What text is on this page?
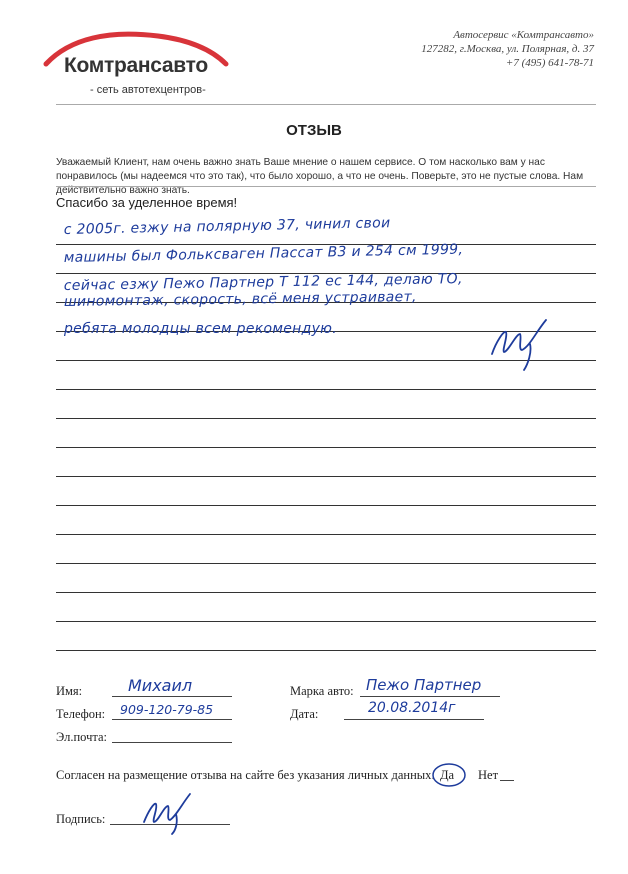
Комтрансавто
- сеть автотехцентров-
Автосервис «Комтрансавто»
127282, г.Москва, ул. Полярная, д. 37
+7 (495) 641-78-71
ОТЗЫВ
Уважаемый Клиент, нам очень важно знать Ваше мнение о нашем сервисе. О том насколько вам у нас понравилось (мы надеемся что это так), что было хорошо, а что не очень. Поверьте, это не пустые слова. Нам действительно важно знать.
Спасибо за уделенное время!
с 2005г. езжу на полярную 37, чинил свои
машины был Фольксваген Пассат В3 и 254 см 1999,
сейчас езжу Пежо Партнер Т 112 ес 144, делаю ТО,
шиномонтаж, скорость, всё меня устраивает,
ребята молодцы всем рекомендую.
Имя:	Михаил
Телефон: 909-120-79-85
Эл.почта:
Марка авто: Пежо Партнер
Дата:	20.08.2014г
Согласен на размещение отзыва на сайте без указания личных данных: Да Нет
Подпись:
